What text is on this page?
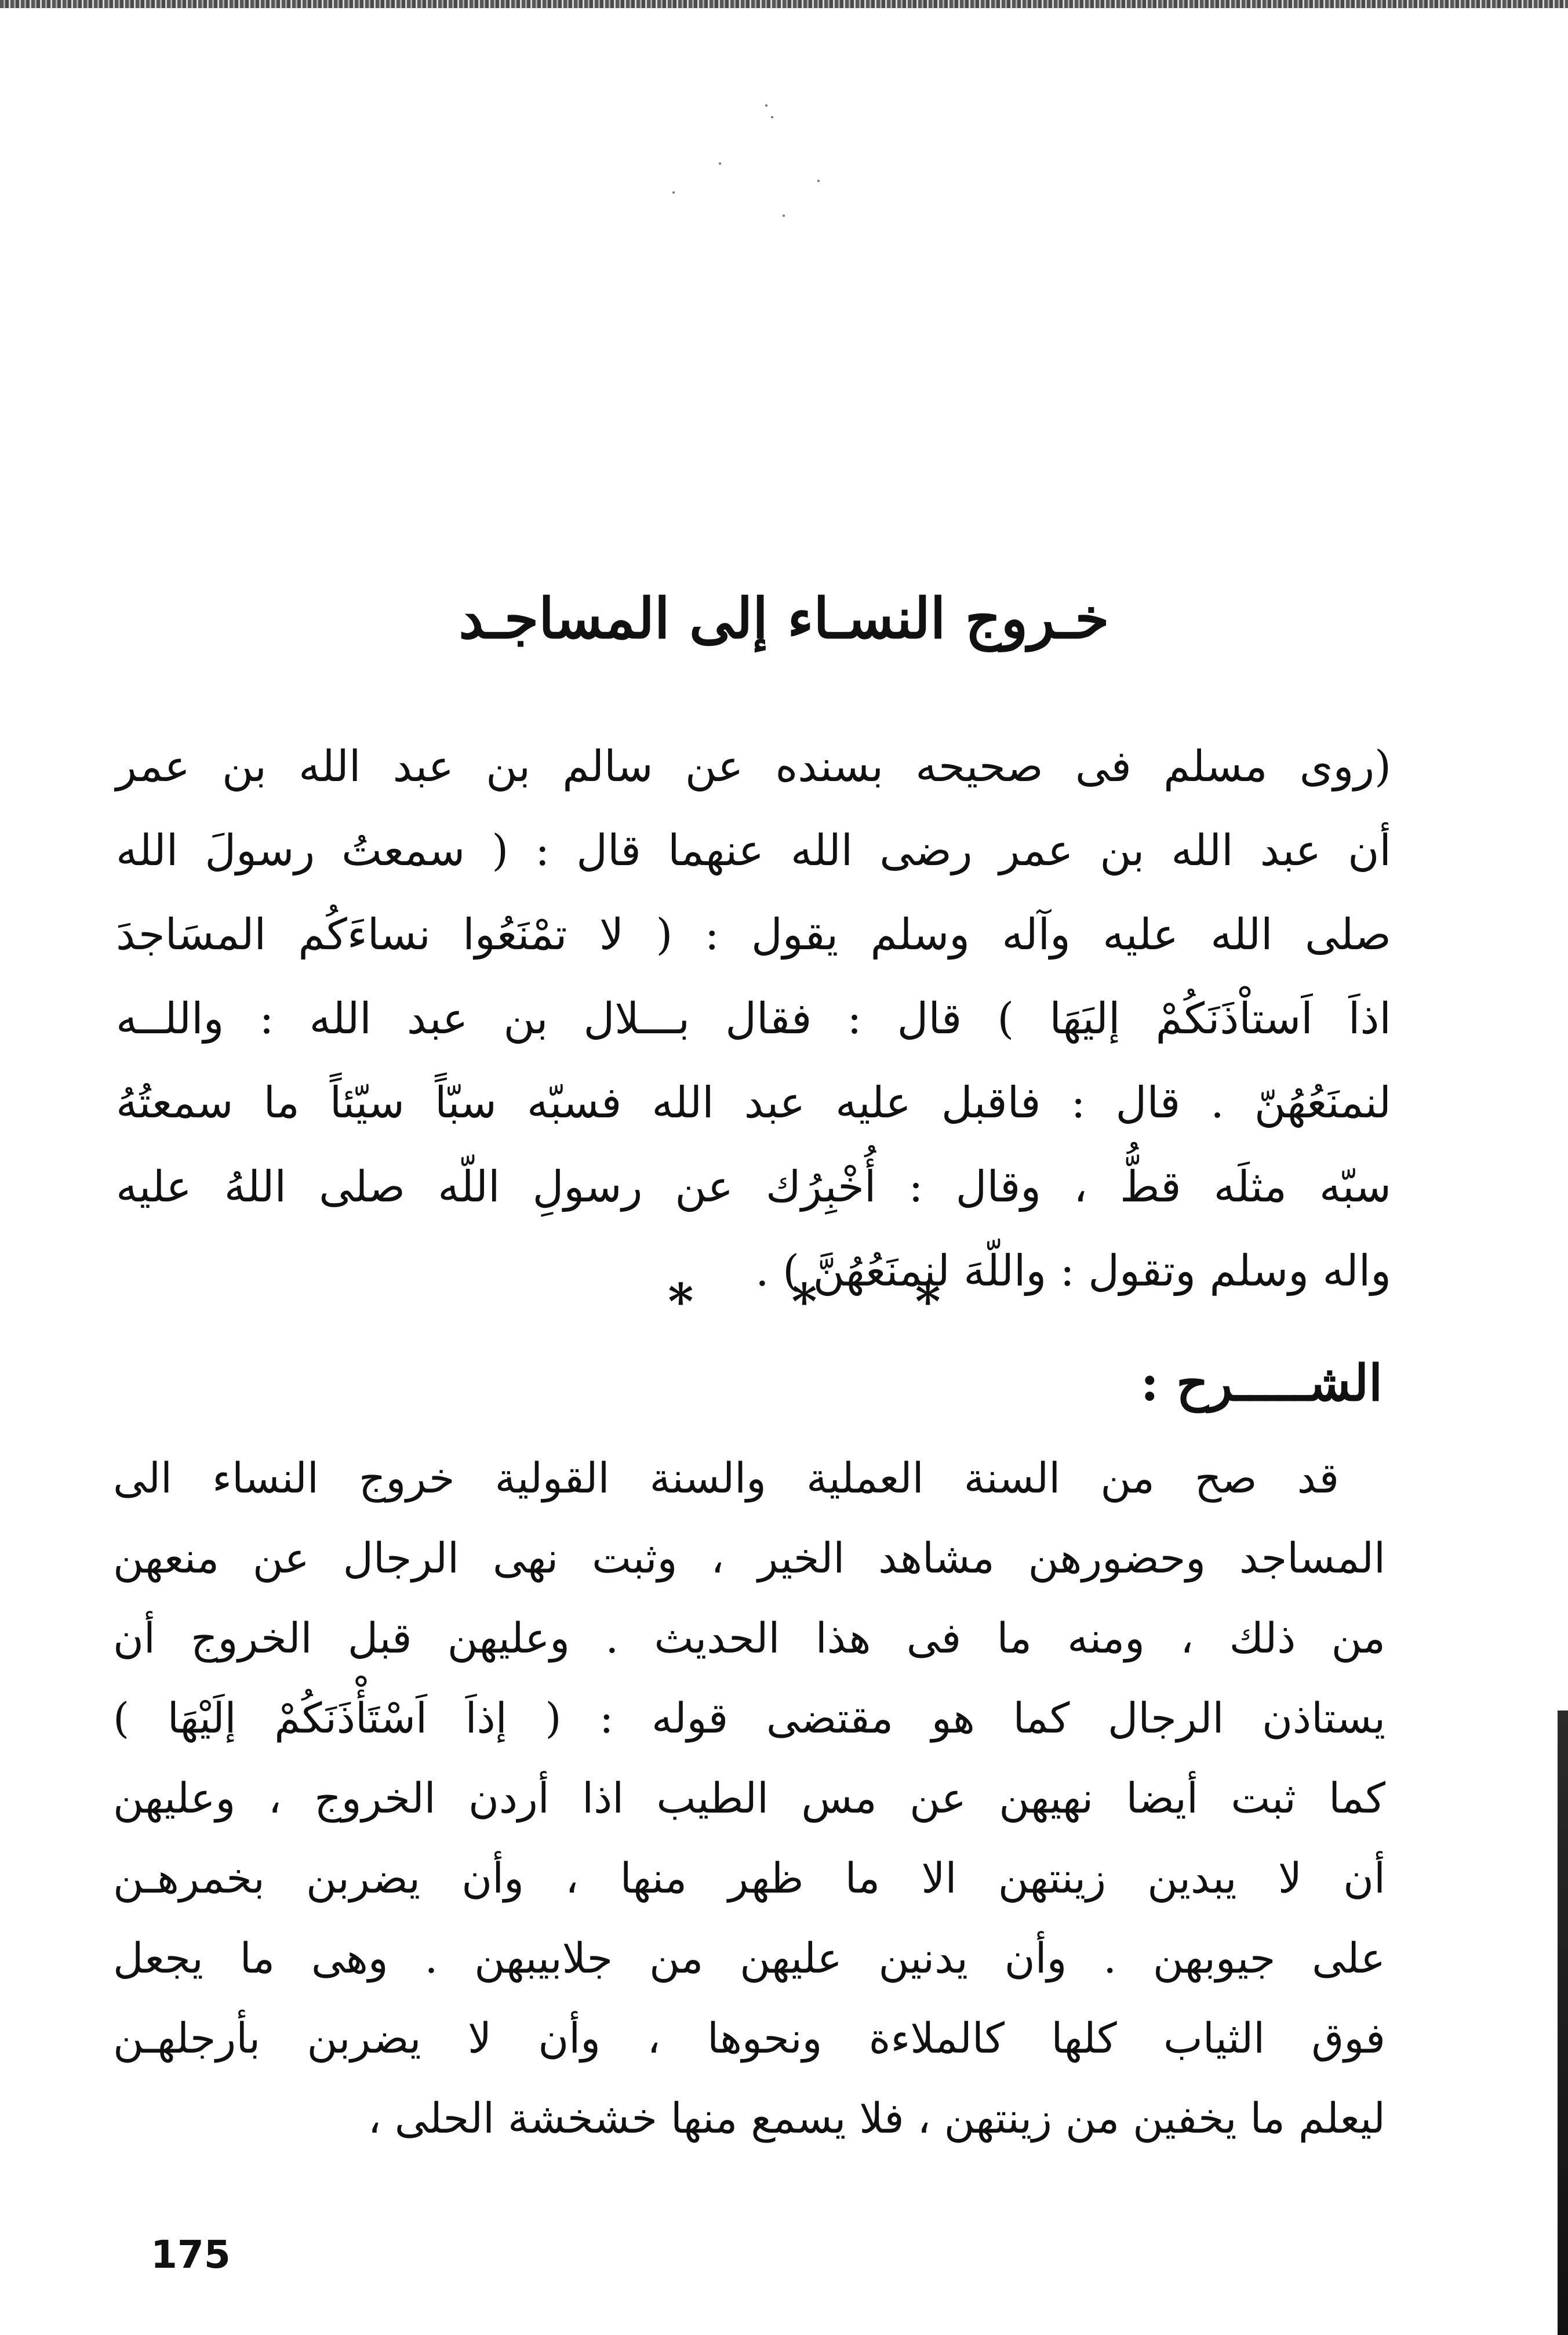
خـروج النسـاء إلى المساجـد
(روى مسلم فى صحيحه بسنده عن سالم بن عبد الله بن عمر
أن عبد الله بن عمر رضى الله عنهما قال : ( سمعتُ رسولَ الله
صلى الله عليه وآله وسلم يقول : ( لا تمْنَعُوا نساءَكُم المسَاجدَ
اذاَ اَستاْذَنَكُمْ إليَهَا ) قال : فقال بـــلال بن عبد الله : واللــه
لنمنَعُهُنّ . قال : فاقبل عليه عبد الله فسبّه سبّاً سيّئاً ما سمعتُهُ
سبّه مثلَه قطُّ ، وقال : أُخْبِرُك عن رسولِ اللّه صلى اللهُ عليه
واله وسلم وتقول : واللّهَ لنمنَعُهُنَّ ) .
* * *
الشـــــرح :
قد صح من السنة العملية والسنة القولية خروج النساء الى
المساجد وحضورهن مشاهد الخير ، وثبت نهى الرجال عن منعهن
من ذلك ، ومنه ما فى هذا الحديث . وعليهن قبل الخروج أن
يستاذن الرجال كما هو مقتضى قوله : ( إذاَ اَسْتَأْذَنَكُمْ إلَيْهَا )
كما ثبت أيضا نهيهن عن مس الطيب اذا أردن الخروج ، وعليهن
أن لا يبدين زينتهن الا ما ظهر منها ، وأن يضربن بخمرهـن
على جيوبهن . وأن يدنين عليهن من جلابيبهن . وهى ما يجعل
فوق الثياب كلها كالملاءة ونحوها ، وأن لا يضربن بأرجلهـن
ليعلم ما يخفين من زينتهن ، فلا يسمع منها خشخشة الحلى ،
175
